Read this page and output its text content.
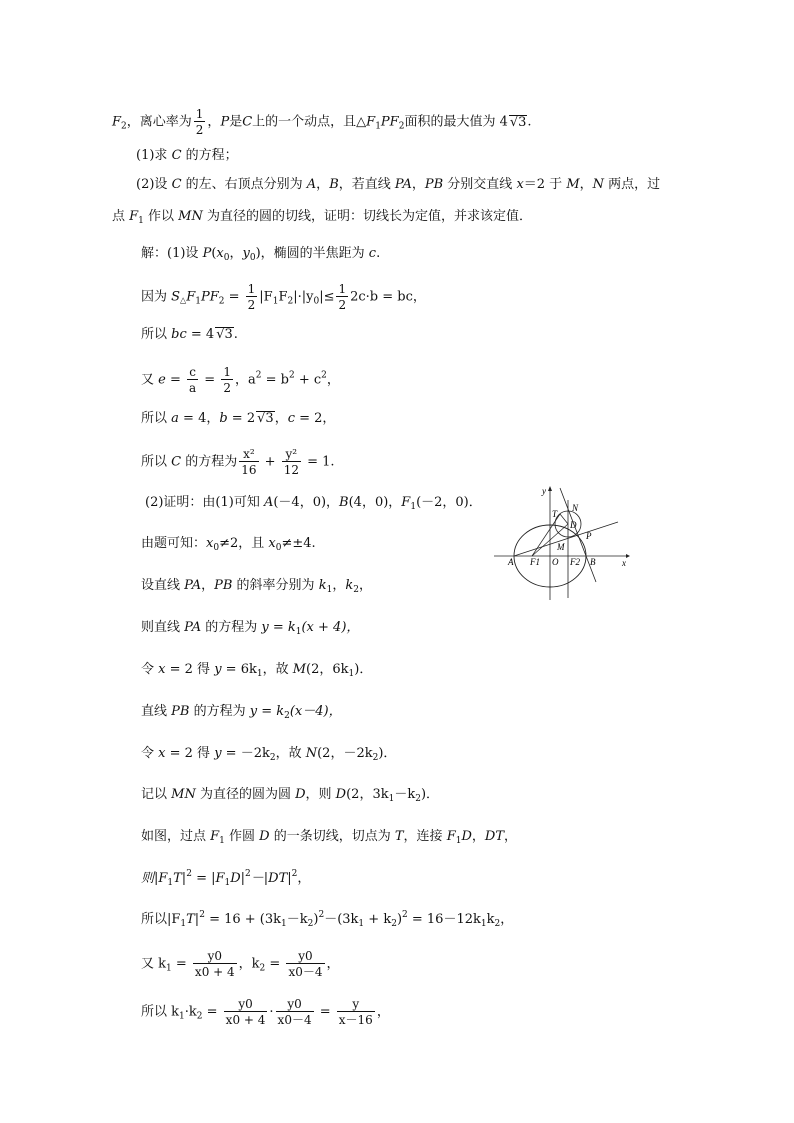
$F_2$，离心率为 $\frac{1}{2}$ ，P是C上的一个动点，且$\triangle F_1PF_2$面积的最大值为 4 √3.
(1)求 C 的方程；
(2)设 C 的左、右顶点分别为 A，B，若直线 PA，PB 分别交直线 x＝2 于 M，N 两点，过
点 $F_1$ 作以 MN 为直径的圆的切线，证明：切线长为定值，并求该定值．
解：(1)设 $P(x_0$，$y_0$)，椭圆的半焦距为 c.
因为 $S\triangle F_1PF_2 = \frac{1}{2} |F_1F_2|\cdot|y_0|\le \frac{1}{2} 2c\cdot b$ = bc，
所以 bc = 4 √3.
又 $e = \frac{c}{a} = \frac{1}{2}$ ，$a^2 = b^2 + c^2$，
所以 a = 4，b = 2 √3，c = 2，
所以 C 的方程为 $\frac{\text{x²}}{16} + \frac{\text{y²}}{12} = 1$.
(2)证明：由(1)可知 A(－4，0)，B(4，0)，$F_1(-2$，0)．
由题可知：$x_0\ne 2$，且 $x_0\ne\pm 4$.
设直线 PA，PB 的斜率分别为 $k_1$，$k_2$，
则直线 PA 的方程为 $y = k_1(x + 4)$，
令 x = 2 得 $y = 6k_1$，故 M(2，$6k_1$)．
直线 PB 的方程为 $y = k_2(x-4)$，
令 x = 2 得 $y = -2k_2$，故 N(2，$-2k_2$)．
记以 MN 为直径的圆为圆 D，则 D(2，$3k_1-k_2$)．
如图，过点 $F_1$ 作圆 D 的一条切线，切点为 T，连接 $F_1D$，DT，
则$|F_1T|^2 = |F_1D|^2-|DT|^2$，
所以$|F_1T|^2 = 16 + (3k_1-k_2)^2-(3k_1 + k_2)^2 = 16-12k_1k_2$，
又 $k_1 = \frac{y0}{x0 + 4}$ ，$k_2 = \frac{y0}{x0-4}$ ，
所以 $k_1\cdot k_2 = \frac{y0}{x0 + 4} \cdot \frac{y0}{x0-4} = \frac{y}{x-16}$ ，
y
x
N
T
D
P
M
A F1 O F2 B
